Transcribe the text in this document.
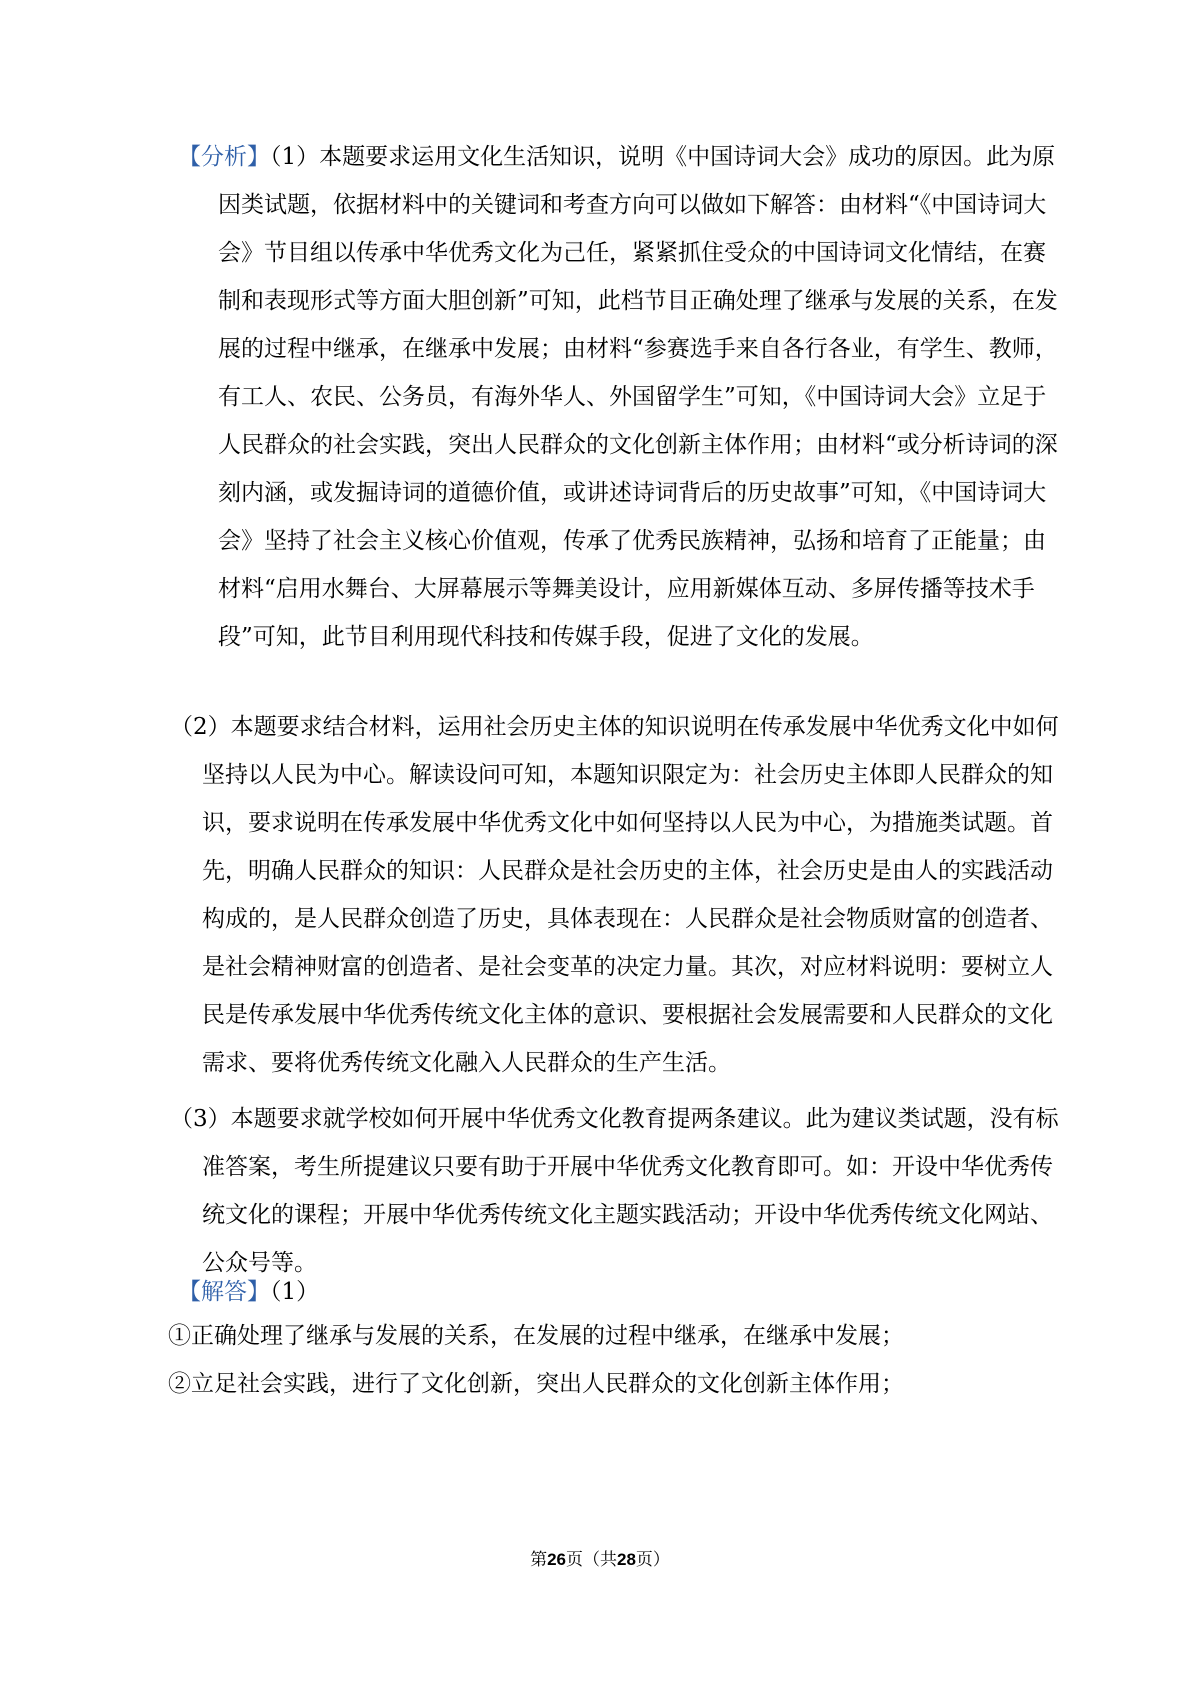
【分析】（1）本题要求运用文化生活知识，说明《中国诗词大会》成功的原因。此为原因类试题，依据材料中的关键词和考查方向可以做如下解答：由材料“《中国诗词大会》节目组以传承中华优秀文化为己任，紧紧抓住受众的中国诗词文化情结，在赛制和表现形式等方面大胆创新”可知，此档节目正确处理了继承与发展的关系，在发展的过程中继承，在继承中发展；由材料“参赛选手来自各行各业，有学生、教师，有工人、农民、公务员，有海外华人、外国留学生”可知，《中国诗词大会》立足于人民群众的社会实践，突出人民群众的文化创新主体作用；由材料“或分析诗词的深刻内涵，或发掘诗词的道德价值，或讲述诗词背后的历史故事”可知，《中国诗词大会》坚持了社会主义核心价值观，传承了优秀民族精神，弘扬和培育了正能量；由材料“启用水舞台、大屏幕展示等舞美设计，应用新媒体互动、多屏传播等技术手段”可知，此节目利用现代科技和传媒手段，促进了文化的发展。

（2）本题要求结合材料，运用社会历史主体的知识说明在传承发展中华优秀文化中如何坚持以人民为中心。解读设问可知，本题知识限定为：社会历史主体即人民群众的知识，要求说明在传承发展中华优秀文化中如何坚持以人民为中心，为措施类试题。首先，明确人民群众的知识：人民群众是社会历史的主体，社会历史是由人的实践活动构成的，是人民群众创造了历史，具体表现在：人民群众是社会物质财富的创造者、是社会精神财富的创造者、是社会变革的决定力量。其次，对应材料说明：要树立人民是传承发展中华优秀传统文化主体的意识、要根据社会发展需要和人民群众的文化需求、要将优秀传统文化融入人民群众的生产生活。

（3）本题要求就学校如何开展中华优秀文化教育提两条建议。此为建议类试题，没有标准答案，考生所提建议只要有助于开展中华优秀文化教育即可。如：开设中华优秀传统文化的课程；开展中华优秀传统文化主题实践活动；开设中华优秀传统文化网站、公众号等。

【解答】（1）

①正确处理了继承与发展的关系，在发展的过程中继承，在继承中发展；

②立足社会实践，进行了文化创新，突出人民群众的文化创新主体作用；

第26页（共28页）
